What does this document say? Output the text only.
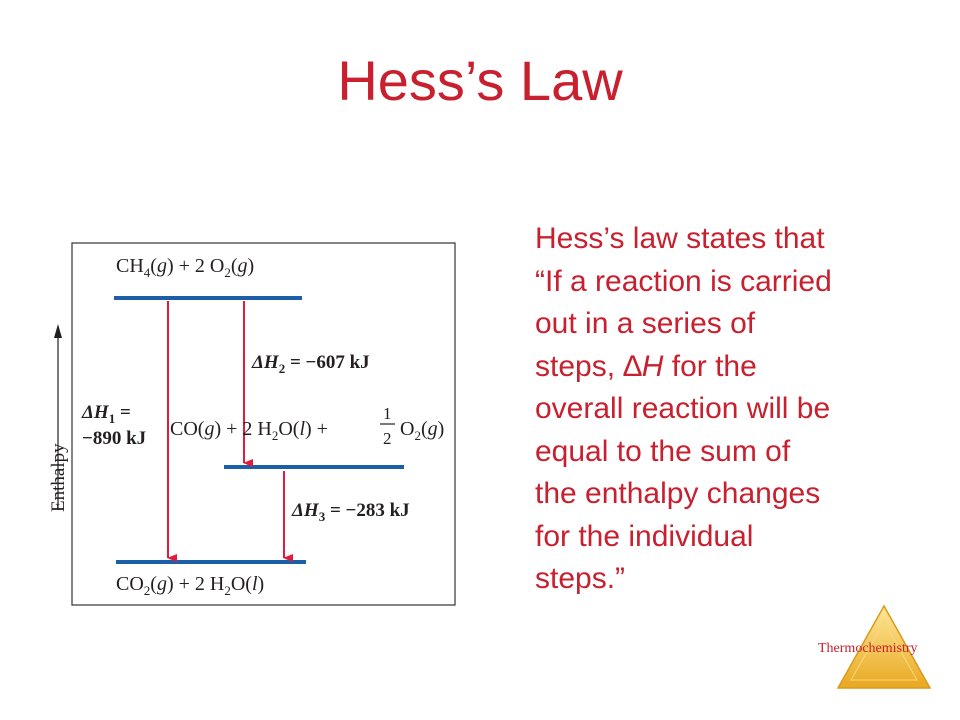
Hess’s Law
Enthalpy
$CH_4(g) + 2$ $O_2(g)$
CO(g) + 2 $H_2O(l)$ +
1
2 $O_2(g)$
$CO_2(g) + 2$ $H_2O(l)$
$\Delta H_1$ =
−890 kJ
$\Delta H_2 = -607$ kJ
$\Delta H_3 = -283$ kJ
Hess’s law states that
“If a reaction is carried
out in a series of
steps, ∆H for the
overall reaction will be
equal to the sum of
the enthalpy changes
for the individual
steps.”
Thermochemistry
